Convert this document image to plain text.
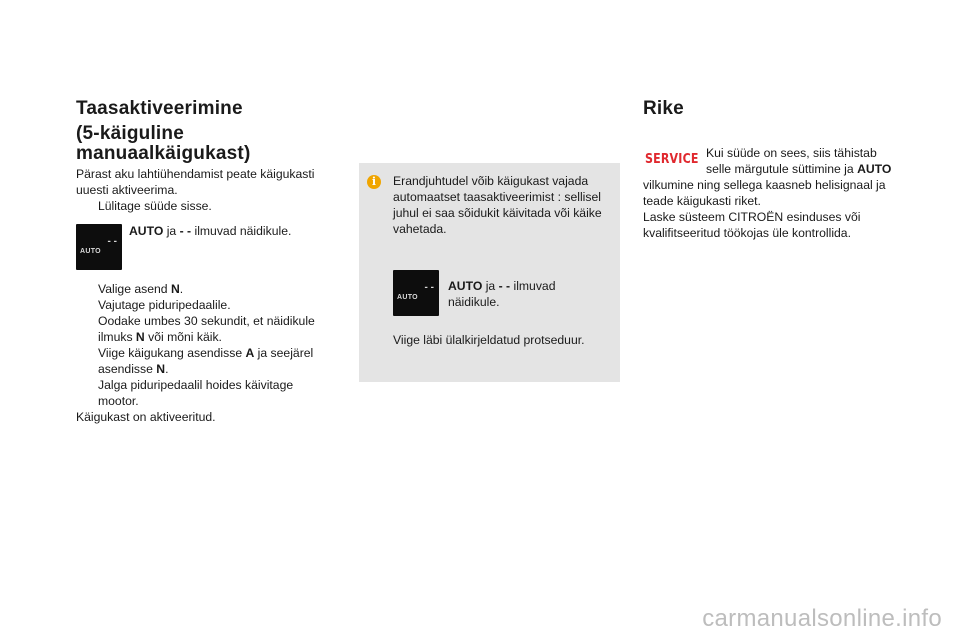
Taasaktiveerimine
(5-käiguline
manuaalkäigukast)
Pärast aku lahtiühendamist peate käigukasti
uuesti aktiveerima.
Lülitage süüde sisse.
- -
AUTO
AUTO ja - - ilmuvad näidikule.
Valige asend N.
Vajutage piduripedaalile.
Oodake umbes 30 sekundit, et näidikule
ilmuks N või mõni käik.
Viige käigukang asendisse A ja seejärel
asendisse N.
Jalga piduripedaalil hoides käivitage
mootor.
Käigukast on aktiveeritud.
i	Erandjuhtudel võib käigukast vajada
automaatset taasaktiveerimist : sellisel
juhul ei saa sõidukit käivitada või käike
vahetada.
- -
AUTO
AUTO ja - - ilmuvad
näidikule.
Viige läbi ülalkirjeldatud protseduur.
Rike
SERVICE Kui süüde on sees, siis tähistab
selle märgutule süttimine ja AUTO
vilkumine ning sellega kaasneb helisignaal ja
teade käigukasti riket.
Laske süsteem CITROËN esinduses või
kvalifitseeritud töökojas üle kontrollida.
carmanualsonline.info
